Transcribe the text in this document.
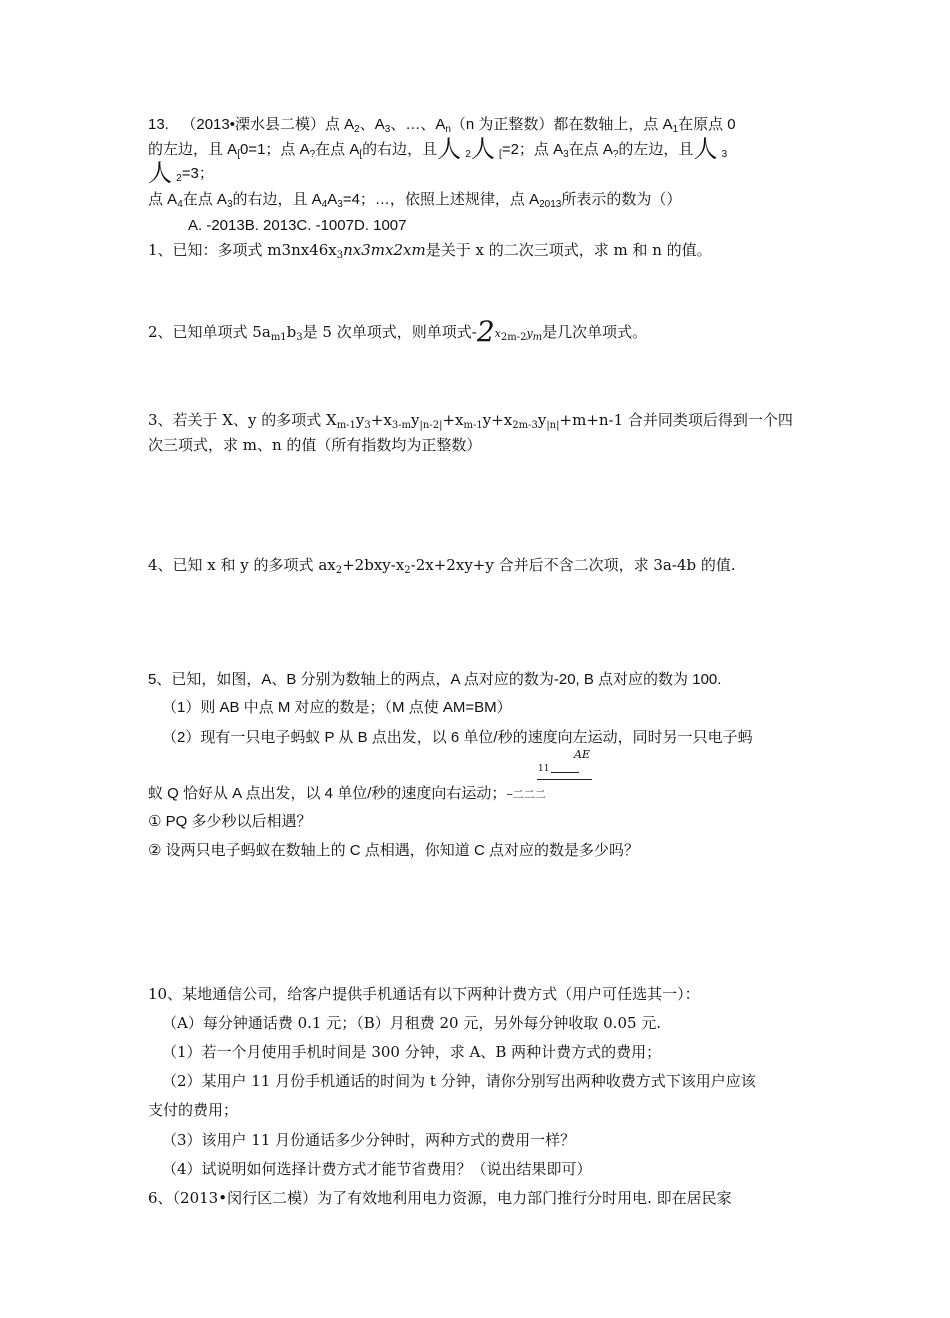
13. （2013•溧水县二模）点 $A_2$、$A_3$、…、$A_n(n$ 为正整数）都在数轴上，点 $A_1$在原点 0
的左边，且 $A_[0=1$；点 $A_?$在点 $A_[$的右边，且人 $_2$人 $_[$=2；点 $A_3$在点 $A_?$的左边，且人 $_3$
人 $_2$=3；
点 $A_4$在点 $A_3$的右边，且 $A_4A_3=4$；…，依照上述规律，点 $A_{2013}$所表示的数为（）
A. -2013B. 2013C. -1007D. 1007
1、已知：多项式 $m3nx46x_3nx3mx2xm$是关于 x 的二次三项式，求 m 和 n 的值。
2、已知单项式 $5a_{m1}b_3$是 5 次单项式，则单项式$-2x_{2m-2}y_m$是几次单项式。
3、若关于 X、y 的多项式 $X_{m-1}y_3+x_{3-m}y_{|n-2|}+x_{m-1}y+x_{2m-3}y_{|n|}+m+n-1$ 合并同类项后得到一个四
次三项式，求 m、n 的值（所有指数均为正整数）
4、已知 x 和 y 的多项式 $ax_2+2bxy-x_2-2x+2xy+y$ 合并后不含二次项，求 3a-4b 的值.
5、已知，如图，A、B 分别为数轴上的两点，A 点对应的数为-20, B 点对应的数为 100.
（1）则 AB 中点 M 对应的数是；（M 点使 AM=BM）
（2）现有一只电子蚂蚁 P 从 B 点出发，以 6 单位/秒的速度向左运动，同时另一只电子蚂
AE
11
蚁 Q 恰好从 A 点出发，以 4 单位/秒的速度向右运动；−二二二
① PQ 多少秒以后相遇？
② 设两只电子蚂蚁在数轴上的 C 点相遇，你知道 C 点对应的数是多少吗？
10、某地通信公司，给客户提供手机通话有以下两种计费方式（用户可任选其一）：
（A）每分钟通话费 0.1 元；（B）月租费 20 元，另外每分钟收取 0.05 元.
（1）若一个月使用手机时间是 300 分钟，求 A、B 两种计费方式的费用；
（2）某用户 11 月份手机通话的时间为 t 分钟，请你分别写出两种收费方式下该用户应该
支付的费用；
（3）该用户 11 月份通话多少分钟时，两种方式的费用一样？
（4）试说明如何选择计费方式才能节省费用？（说出结果即可）
6、（2013•闵行区二模）为了有效地利用电力资源，电力部门推行分时用电. 即在居民家
